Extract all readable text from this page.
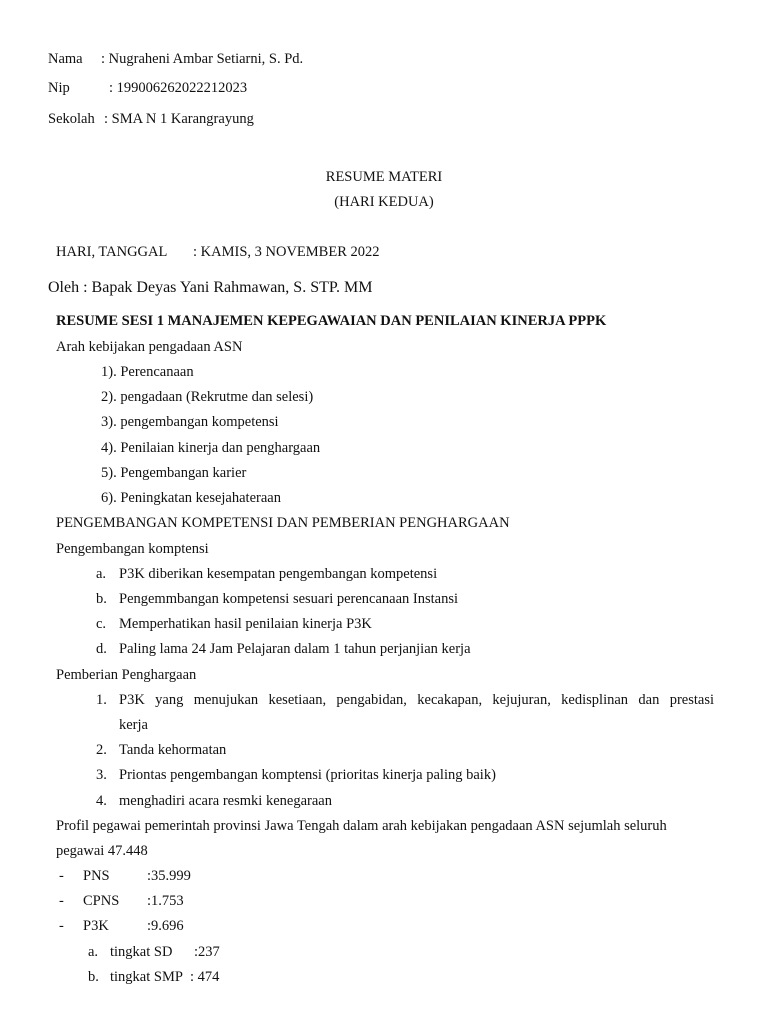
Nama : Nugraheni Ambar Setiarni, S. Pd.
Nip	: 199006262022212023
Sekolah : SMA N 1 Karangrayung
RESUME MATERI
(HARI KEDUA)
HARI, TANGGAL : KAMIS, 3 NOVEMBER 2022
Oleh : Bapak Deyas Yani Rahmawan, S. STP. MM
RESUME SESI 1 MANAJEMEN KEPEGAWAIAN DAN PENILAIAN KINERJA PPPK
Arah kebijakan pengadaan ASN
1). Perencanaan
2). pengadaan (Rekrutme dan selesi)
3). pengembangan kompetensi
4). Penilaian kinerja dan penghargaan
5). Pengembangan karier
6). Peningkatan kesejahateraan
PENGEMBANGAN KOMPETENSI DAN PEMBERIAN PENGHARGAAN
Pengembangan komptensi
a. P3K diberikan kesempatan pengembangan kompetensi
b. Pengemmbangan kompetensi sesuari perencanaan Instansi
c. Memperhatikan hasil penilaian kinerja P3K
d. Paling lama 24 Jam Pelajaran dalam 1 tahun perjanjian kerja
Pemberian Penghargaan
1. P3K yang menujukan kesetiaan, pengabidan, kecakapan, kejujuran, kedisplinan dan prestasi
kerja
2. Tanda kehormatan
3. Priontas pengembangan komptensi (prioritas kinerja paling baik)
4. menghadiri acara resmki kenegaraan
Profil pegawai pemerintah provinsi Jawa Tengah dalam arah kebijakan pengadaan ASN sejumlah seluruh
pegawai 47.448
- PNS	:35.999
- CPNS :1.753
- P3K	:9.696
a. tingkat SD :237
b. tingkat SMP : 474
